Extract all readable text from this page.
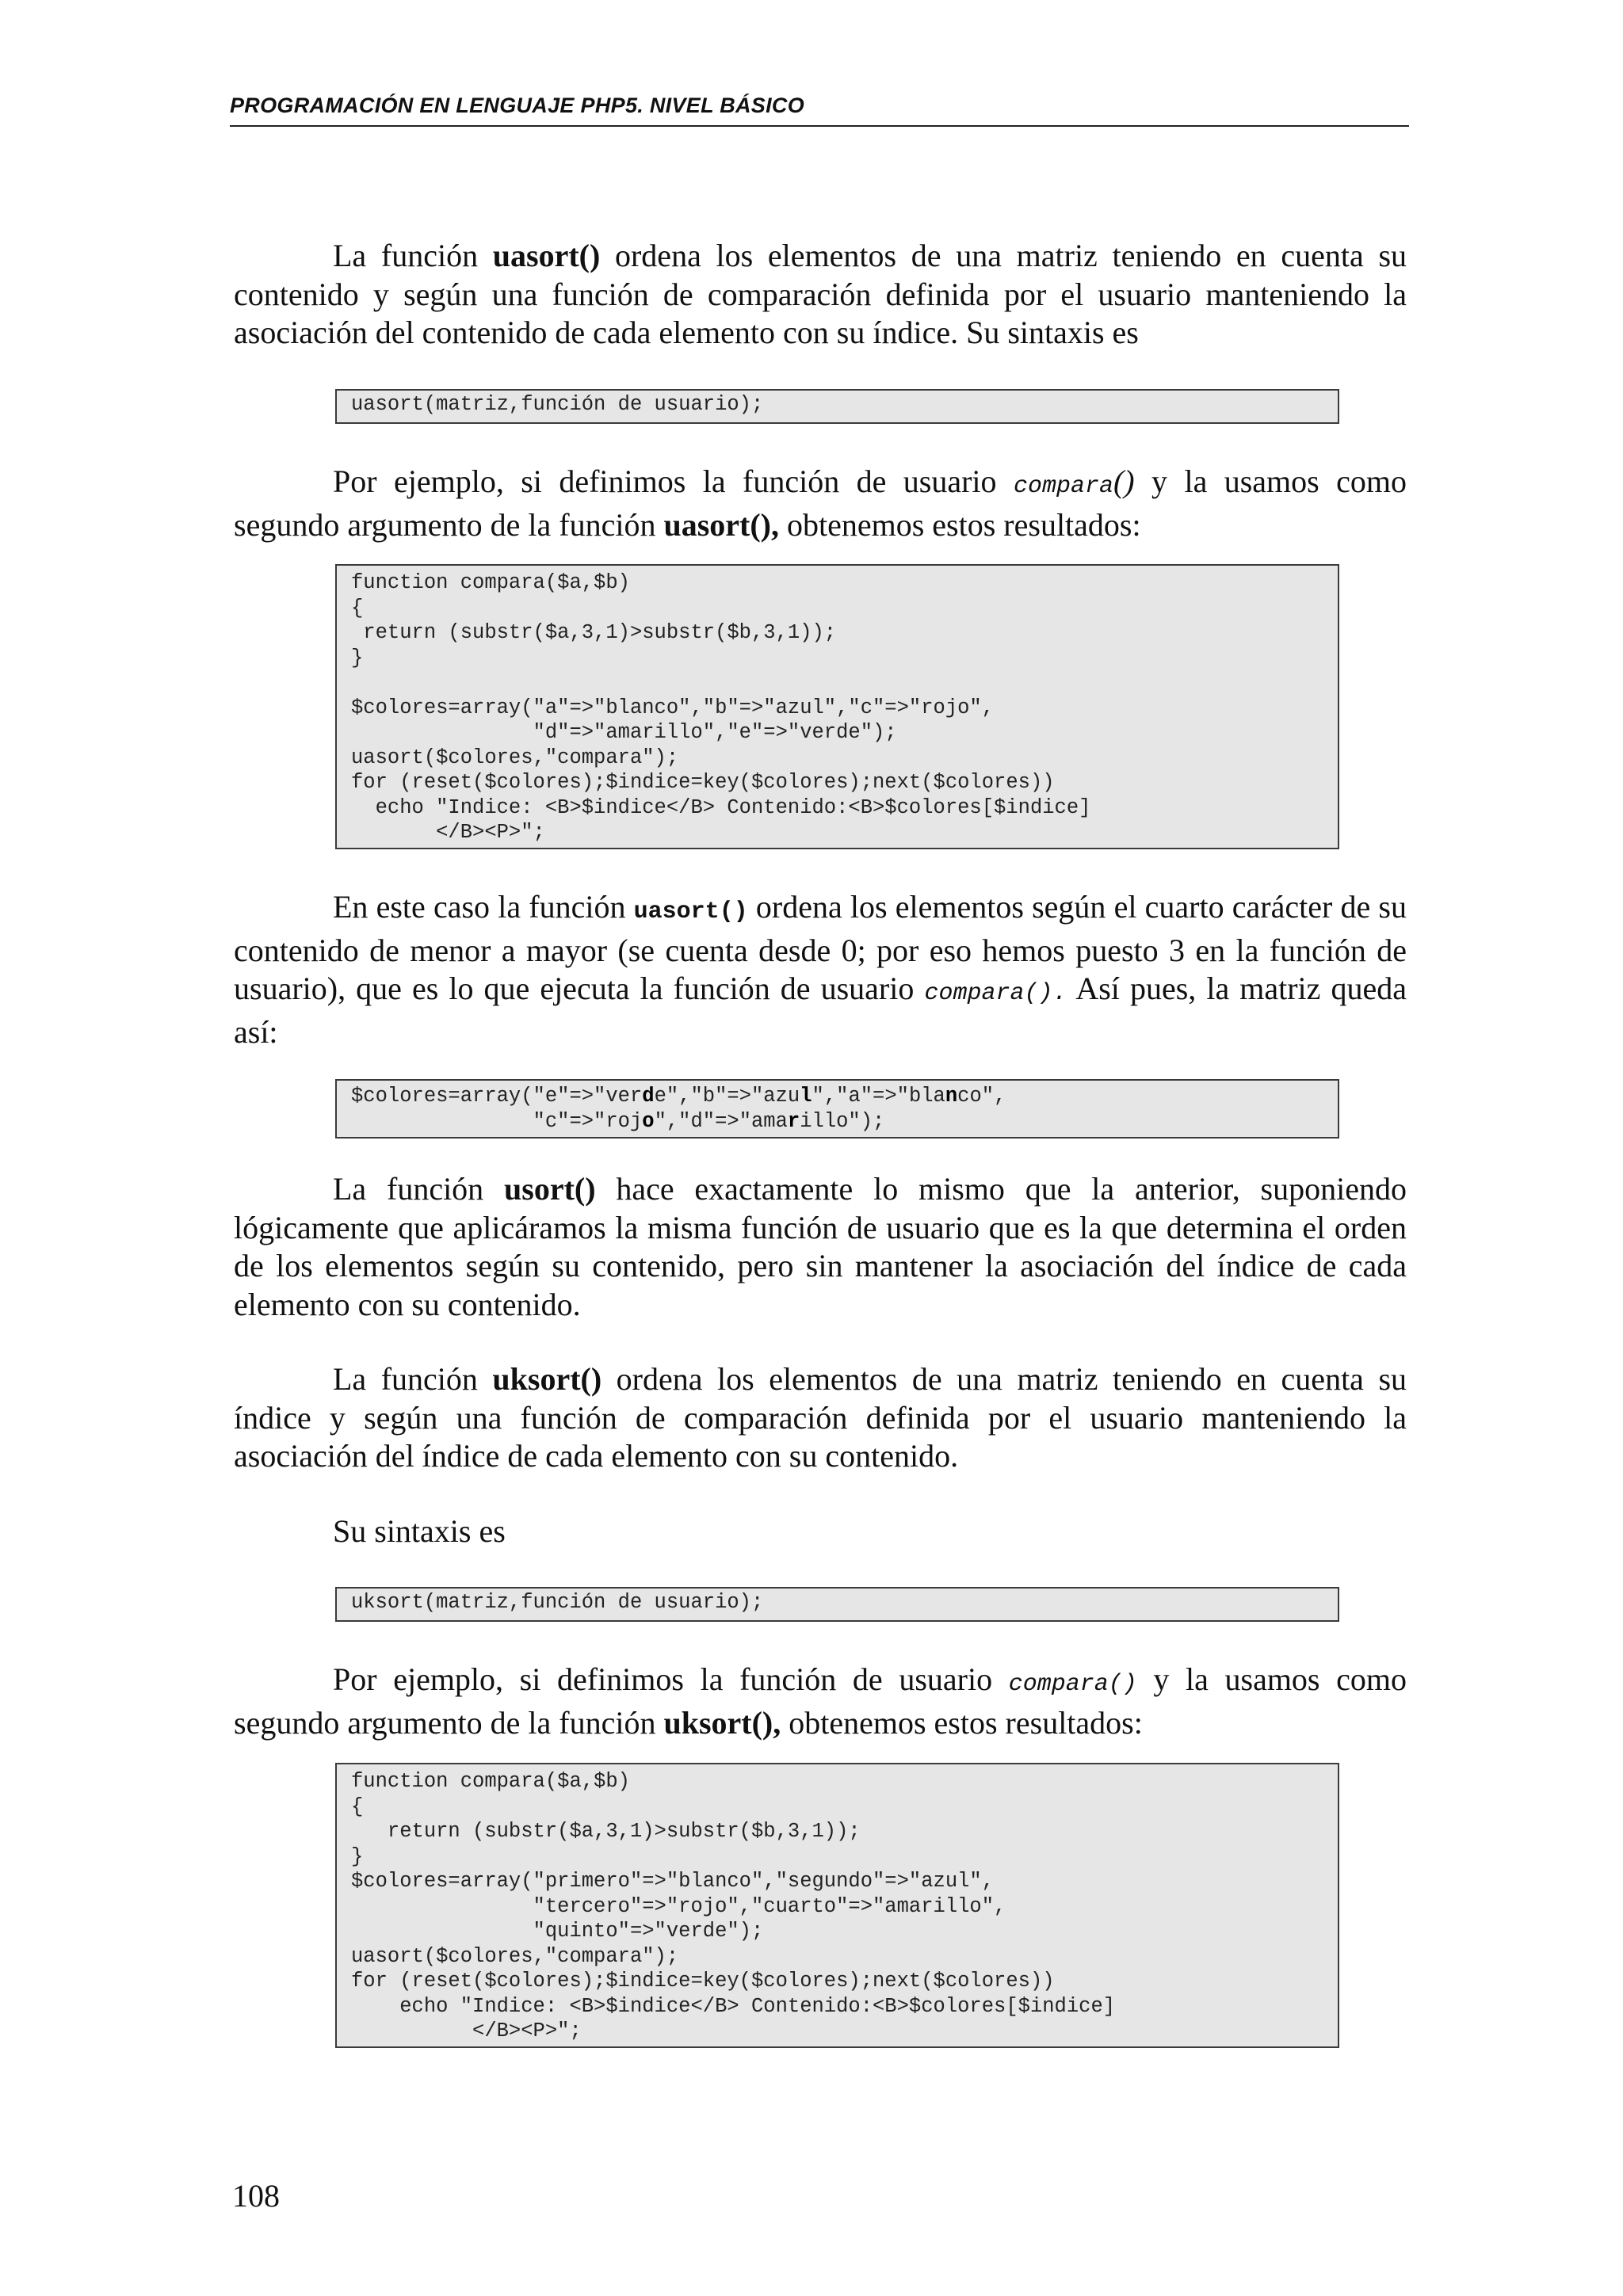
PROGRAMACIÓN EN LENGUAJE PHP5. NIVEL BÁSICO

La función uasort() ordena los elementos de una matriz teniendo en cuenta su contenido y según una función de comparación definida por el usuario manteniendo la asociación del contenido de cada elemento con su índice. Su sintaxis es

uasort(matriz,función de usuario);

Por ejemplo, si definimos la función de usuario compara() y la usamos como segundo argumento de la función uasort(), obtenemos estos resultados:

function compara($a,$b)
{
return (substr($a,3,1)>substr($b,3,1));
}
$colores=array("a"=>"blanco","b"=>"azul","c"=>"rojo",
"d"=>"amarillo","e"=>"verde");
uasort($colores,"compara");
for (reset($colores);$indice=key($colores);next($colores))
echo "Indice: <B>$indice</B> Contenido:<B>$colores[$indice]
</B><P>";

En este caso la función uasort() ordena los elementos según el cuarto carácter de su contenido de menor a mayor (se cuenta desde 0; por eso hemos puesto 3 en la función de usuario), que es lo que ejecuta la función de usuario compara(). Así pues, la matriz queda así:

$colores=array("e"=>"verde","b"=>"azul","a"=>"blanco",
"c"=>"rojo","d"=>"amarillo");

La función usort() hace exactamente lo mismo que la anterior, suponiendo lógicamente que aplicáramos la misma función de usuario que es la que determina el orden de los elementos según su contenido, pero sin mantener la asociación del índice de cada elemento con su contenido.

La función uksort() ordena los elementos de una matriz teniendo en cuenta su índice y según una función de comparación definida por el usuario manteniendo la asociación del índice de cada elemento con su contenido.

Su sintaxis es

uksort(matriz,función de usuario);

Por ejemplo, si definimos la función de usuario compara() y la usamos como segundo argumento de la función uksort(), obtenemos estos resultados:

function compara($a,$b)
{
return (substr($a,3,1)>substr($b,3,1));
}
$colores=array("primero"=>"blanco","segundo"=>"azul",
"tercero"=>"rojo","cuarto"=>"amarillo",
"quinto"=>"verde");
uasort($colores,"compara");
for (reset($colores);$indice=key($colores);next($colores))
echo "Indice: <B>$indice</B> Contenido:<B>$colores[$indice]
</B><P>";
108
